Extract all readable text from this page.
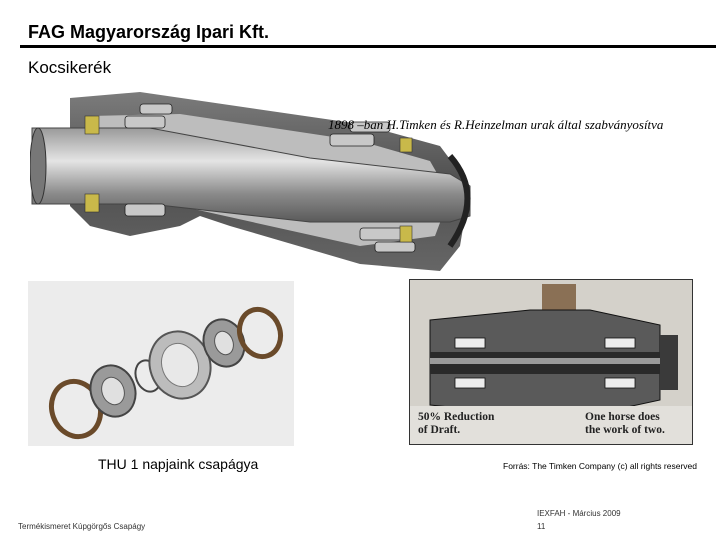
FAG Magyarország Ipari Kft.
Kocsikerék
1898 –ban H.Timken és R.Heinzelman urak által szabványosítva
THU 1 napjaink csapágya
50% Reduction
of Draft.
One horse does
the work of two.
Forrás: The Timken Company (c) all rights reserved
Termékismeret Kúpgörgős Csapágy
IEXFAH - Március 2009
11
